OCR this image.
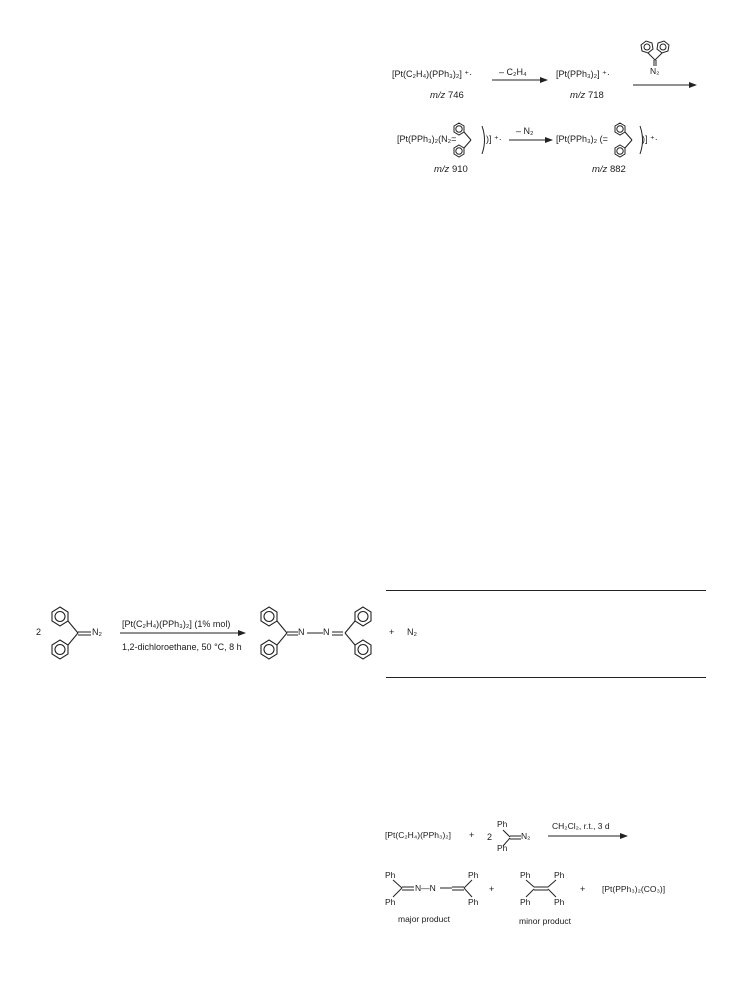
[Pt(C₂H₄)(PPh₃)₂] ⁺·
m/z 746
– C₂H₄	[Pt(PPh₃)₂] ⁺·
m/z 718
N₂
[Pt(PPh₃)₂(N₂=	)] ⁺·
m/z 910
– N₂
[Pt(PPh₃)₂ (=	)] ⁺·
m/z 882
2	N₂
[Pt(C₂H₄)(PPh₃)₂] (1% mol)
1,2-dichloroethane, 50 °C, 8 h
N N	+ N₂
[Pt(C₂H₄)(PPh₃)₂] + 2
Ph
Ph
N₂
CH₂Cl₂, r.t., 3 d
Ph
Ph
N—N
Ph
Ph
major product
+
Ph
Ph
Ph
Ph
minor product
+ [Pt(PPh₃)₂(CO₃)]
